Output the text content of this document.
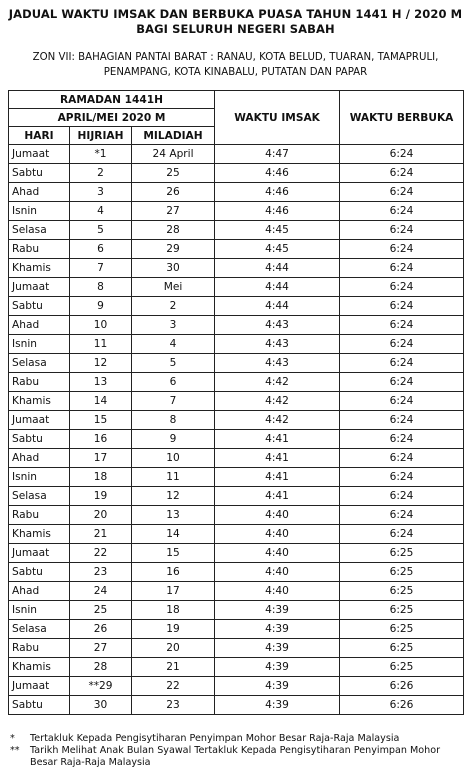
JADUAL WAKTU IMSAK DAN BERBUKA PUASA TAHUN 1441 H / 2020 M
BAGI SELURUH NEGERI SABAH
ZON VII: BAHAGIAN PANTAI BARAT : RANAU, KOTA BELUD, TUARAN, TAMAPRULI,
PENAMPANG, KOTA KINABALU, PUTATAN DAN PAPAR
RAMADAN 1441H			WAKTU IMSAK	WAKTU BERBUKA
APRIL/MEI 2020 M				
HARI	HIJRIAH	MILADIAH		
Jumaat	*1	24 April	4:47	6:24
Sabtu	2	25	4:46	6:24
Ahad	3	26	4:46	6:24
Isnin	4	27	4:46	6:24
Selasa	5	28	4:45	6:24
Rabu	6	29	4:45	6:24
Khamis	7	30	4:44	6:24
Jumaat	8	Mei	4:44	6:24
Sabtu	9	2	4:44	6:24
Ahad	10	3	4:43	6:24
Isnin	11	4	4:43	6:24
Selasa	12	5	4:43	6:24
Rabu	13	6	4:42	6:24
Khamis	14	7	4:42	6:24
Jumaat	15	8	4:42	6:24
Sabtu	16	9	4:41	6:24
Ahad	17	10	4:41	6:24
Isnin	18	11	4:41	6:24
Selasa	19	12	4:41	6:24
Rabu	20	13	4:40	6:24
Khamis	21	14	4:40	6:24
Jumaat	22	15	4:40	6:25
Sabtu	23	16	4:40	6:25
Ahad	24	17	4:40	6:25
Isnin	25	18	4:39	6:25
Selasa	26	19	4:39	6:25
Rabu	27	20	4:39	6:25
Khamis	28	21	4:39	6:25
Jumaat	**29	22	4:39	6:26
Sabtu	30	23	4:39	6:26
*	Tertakluk Kepada Pengisytiharan Penyimpan Mohor Besar Raja-Raja Malaysia
**	Tarikh Melihat Anak Bulan Syawal Tertakluk Kepada Pengisytiharan Penyimpan Mohor Besar Raja-Raja Malaysia
